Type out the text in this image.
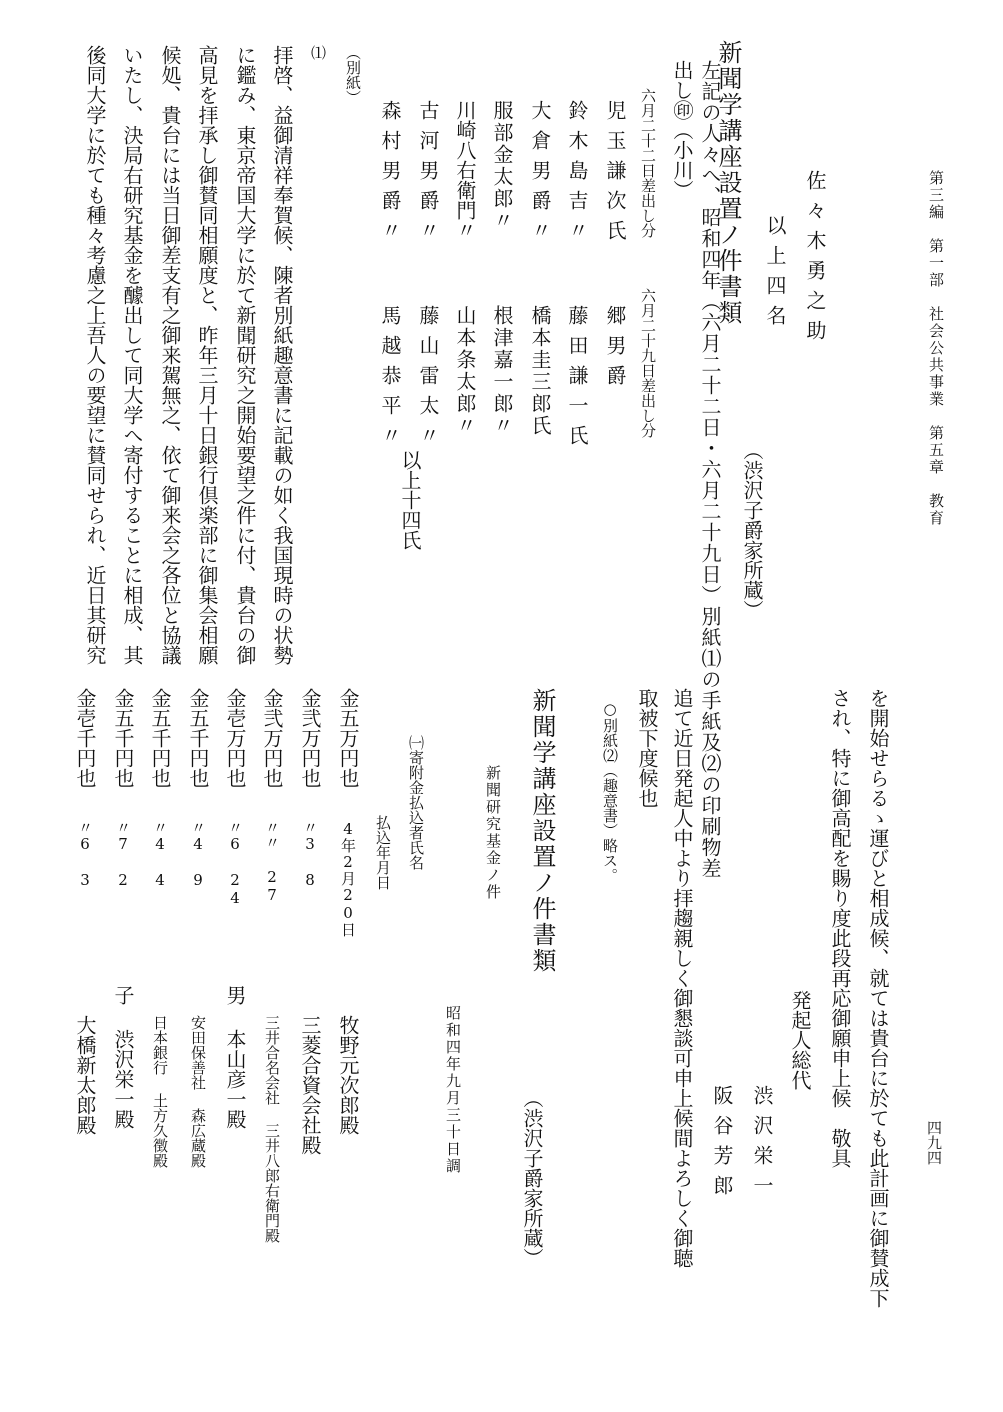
第三編　第一部　社会公共事業　第五章　教育
四九四
佐々木勇之助
以上四名
新聞学講座設置ノ件書類
（渋沢子爵家所蔵）
左記の人々へ、昭和四年（六月二十二日・六月二十九日）別紙⑴の手紙及⑵の印刷物差
出し㊞（小川）
六月二十二日差出し分
六月二十九日差出し分
児玉謙次氏
郷男爵
鈴木島吉〃
藤田謙一氏
大倉男爵〃
橋本圭三郎氏
服部金太郎〃
根津嘉一郎〃
川崎八右衛門〃
山本条太郎〃
古河男爵〃
藤山雷太〃
森村男爵〃
馬越恭平〃
以上十四氏
（別紙）
⑴
拝啓、益御清祥奉賀候、陳者別紙趣意書に記載の如く我国現時の状勢
に鑑み、東京帝国大学に於て新聞研究之開始要望之件に付、貴台の御
高見を拝承し御賛同相願度と、昨年三月十日銀行倶楽部に御集会相願
候処、貴台には当日御差支有之御来駕無之、依て御来会之各位と協議
いたし、決局右研究基金を醵出して同大学へ寄付することに相成、其
後同大学に於ても種々考慮之上吾人の要望に賛同せられ、近日其研究
を開始せらるゝ運びと相成候、就ては貴台に於ても此計画に御賛成下
され、特に御高配を賜り度此段再応御願申上候　敬具
発起人総代
渋沢栄一
阪谷芳郎
追て近日発起人中より拝趨親しく御懇談可申上候間よろしく御聴
取被下度候也
○別紙⑵（趣意書）略ス。
新聞学講座設置ノ件書類
（渋沢子爵家所蔵）
新聞研究基金ノ件
昭和四年九月三十日調
㈠寄附金払込者氏名
払込年月日
金五万円也
4年2月20日
牧野元次郎殿
金弐万円也
〃3 8
三菱合資会社殿
金弐万円也
〃〃 27
三井合名会社 三井八郎右衛門殿
金壱万円也
〃6 24
男 本山彦一殿
金五千円也
〃4 9
安田保善社 森広蔵殿
金五千円也
〃4 4
日本銀行 土方久徴殿
金五千円也
〃7 2
子 渋沢栄一殿
金壱千円也
〃6 3
大橋新太郎殿
